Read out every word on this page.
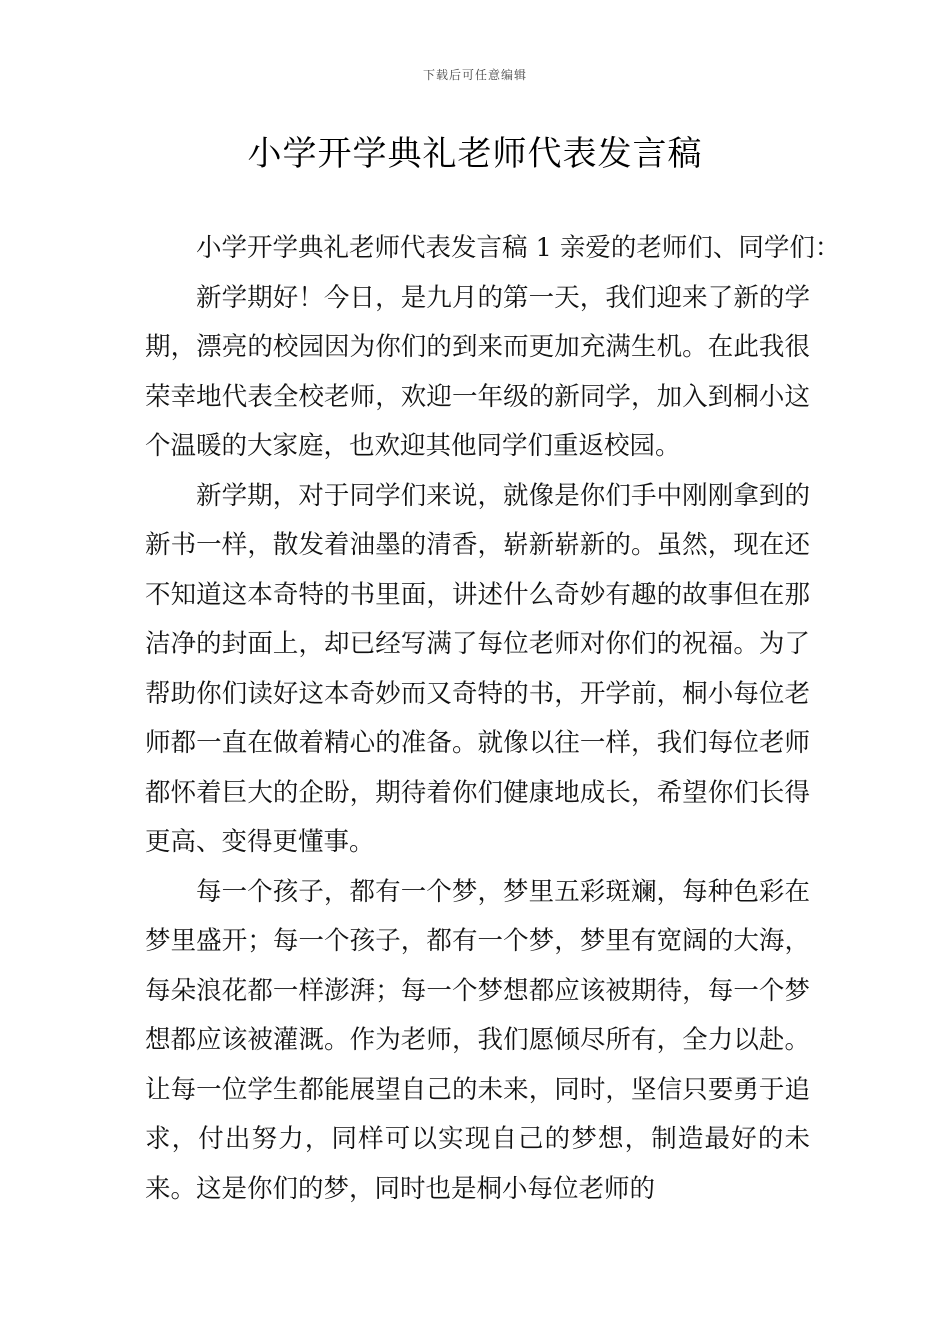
下载后可任意编辑
小学开学典礼老师代表发言稿

小学开学典礼老师代表发言稿 1 亲爱的老师们、同学们：

新学期好！今日，是九月的第一天，我们迎来了新的学期，漂亮的校园因为你们的到来而更加充满生机。在此我很荣幸地代表全校老师，欢迎一年级的新同学，加入到桐小这个温暖的大家庭，也欢迎其他同学们重返校园。

新学期，对于同学们来说，就像是你们手中刚刚拿到的新书一样，散发着油墨的清香，崭新崭新的。虽然，现在还不知道这本奇特的书里面，讲述什么奇妙有趣的故事但在那洁净的封面上，却已经写满了每位老师对你们的祝福。为了帮助你们读好这本奇妙而又奇特的书，开学前，桐小每位老师都一直在做着精心的准备。就像以往一样，我们每位老师都怀着巨大的企盼，期待着你们健康地成长，希望你们长得更高、变得更懂事。

每一个孩子，都有一个梦，梦里五彩斑斓，每种色彩在梦里盛开；每一个孩子，都有一个梦，梦里有宽阔的大海，每朵浪花都一样澎湃；每一个梦想都应该被期待，每一个梦想都应该被灌溉。作为老师，我们愿倾尽所有，全力以赴。让每一位学生都能展望自己的未来，同时，坚信只要勇于追求，付出努力，同样可以实现自己的梦想，制造最好的未来。这是你们的梦，同时也是桐小每位老师的
